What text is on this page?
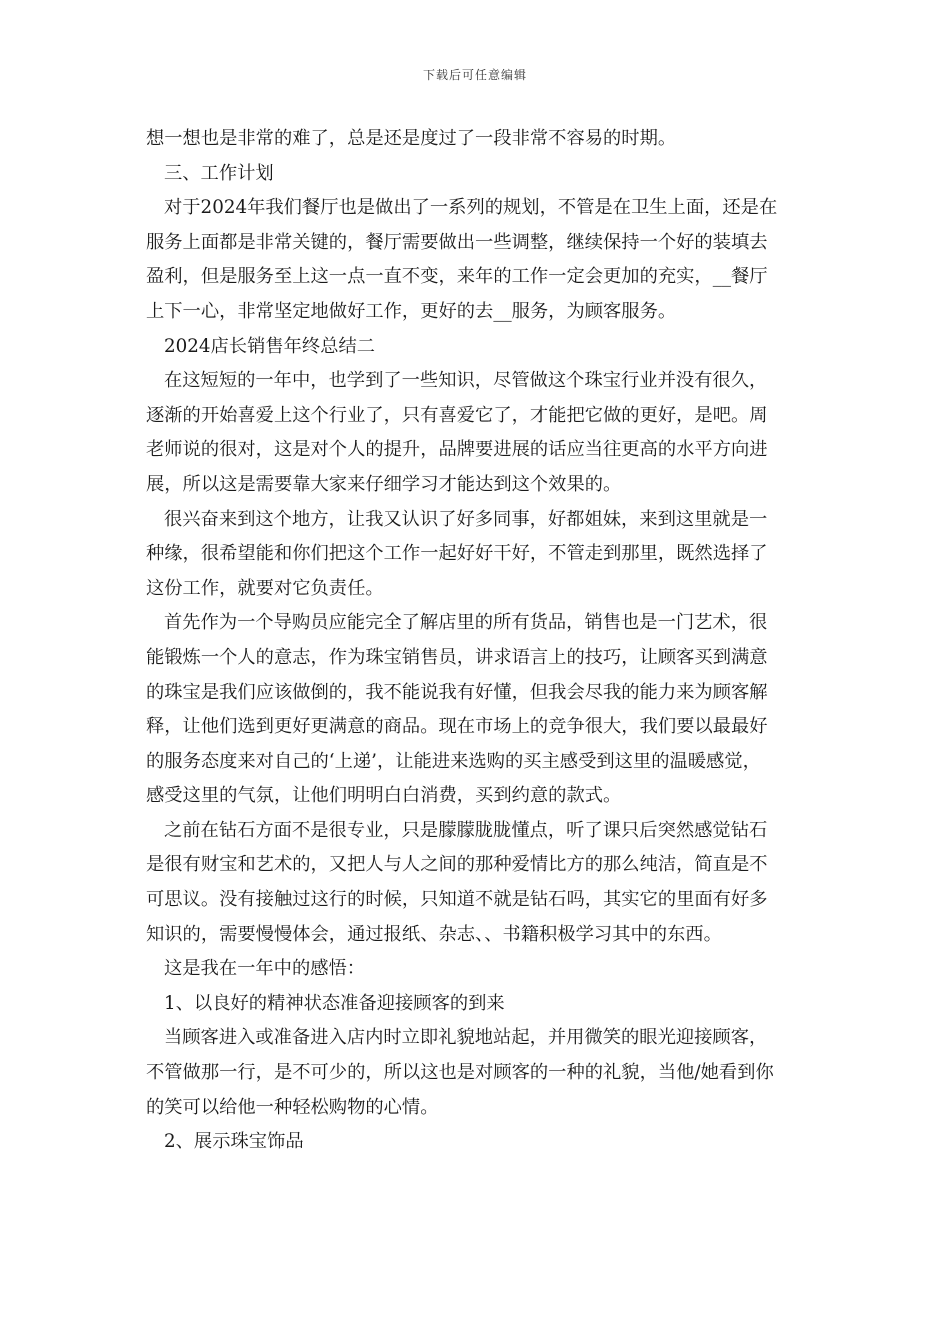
下载后可任意编辑

想一想也是非常的难了，总是还是度过了一段非常不容易的时期。

三、工作计划

对于2024年我们餐厅也是做出了一系列的规划，不管是在卫生上面，还是在

服务上面都是非常关键的，餐厅需要做出一些调整，继续保持一个好的装填去

盈利，但是服务至上这一点一直不变，来年的工作一定会更加的充实，__餐厅

上下一心，非常坚定地做好工作，更好的去__服务，为顾客服务。

2024店长销售年终总结二

在这短短的一年中，也学到了一些知识，尽管做这个珠宝行业并没有很久，

逐渐的开始喜爱上这个行业了，只有喜爱它了，才能把它做的更好，是吧。周

老师说的很对，这是对个人的提升，品牌要进展的话应当往更高的水平方向进

展，所以这是需要靠大家来仔细学习才能达到这个效果的。

很兴奋来到这个地方，让我又认识了好多同事，好都姐妹，来到这里就是一

种缘，很希望能和你们把这个工作一起好好干好，不管走到那里，既然选择了

这份工作，就要对它负责任。

首先作为一个导购员应能完全了解店里的所有货品，销售也是一门艺术，很

能锻炼一个人的意志，作为珠宝销售员，讲求语言上的技巧，让顾客买到满意

的珠宝是我们应该做倒的，我不能说我有好懂，但我会尽我的能力来为顾客解

释，让他们选到更好更满意的商品。现在市场上的竞争很大，我们要以最最好

的服务态度来对自己的‘上递’，让能进来选购的买主感受到这里的温暖感觉，

感受这里的气氛，让他们明明白白消费，买到约意的款式。

之前在钻石方面不是很专业，只是朦朦胧胧懂点，听了课只后突然感觉钻石

是很有财宝和艺术的，又把人与人之间的那种爱情比方的那么纯洁，简直是不

可思议。没有接触过这行的时候，只知道不就是钻石吗，其实它的里面有好多

知识的，需要慢慢体会，通过报纸、杂志、、书籍积极学习其中的东西。

这是我在一年中的感悟：

1、以良好的精神状态准备迎接顾客的到来

当顾客进入或准备进入店内时立即礼貌地站起，并用微笑的眼光迎接顾客，

不管做那一行，是不可少的，所以这也是对顾客的一种的礼貌，当他/她看到你

的笑可以给他一种轻松购物的心情。

2、展示珠宝饰品
